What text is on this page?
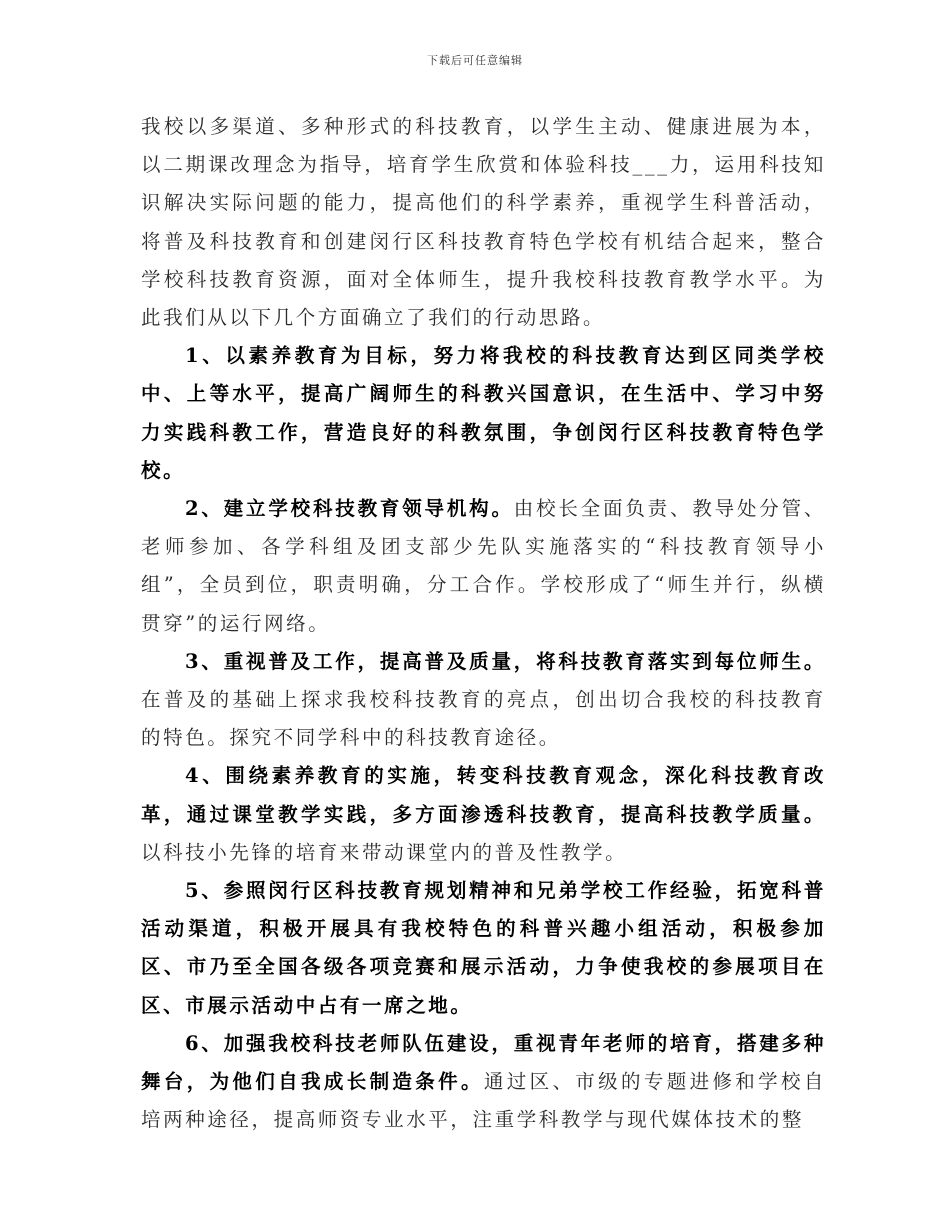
下载后可任意编辑

我校以多渠道、多种形式的科技教育，以学生主动、健康进展为本，以二期课改理念为指导，培育学生欣赏和体验科技___力，运用科技知识解决实际问题的能力，提高他们的科学素养，重视学生科普活动，将普及科技教育和创建闵行区科技教育特色学校有机结合起来，整合学校科技教育资源，面对全体师生，提升我校科技教育教学水平。为此我们从以下几个方面确立了我们的行动思路。

1、以素养教育为目标，努力将我校的科技教育达到区同类学校中、上等水平，提高广阔师生的科教兴国意识，在生活中、学习中努力实践科教工作，营造良好的科教氛围，争创闵行区科技教育特色学校。

2、建立学校科技教育领导机构。由校长全面负责、教导处分管、老师参加、各学科组及团支部少先队实施落实的“科技教育领导小组”，全员到位，职责明确，分工合作。学校形成了“师生并行，纵横贯穿”的运行网络。

3、重视普及工作，提高普及质量，将科技教育落实到每位师生。在普及的基础上探求我校科技教育的亮点，创出切合我校的科技教育的特色。探究不同学科中的科技教育途径。

4、围绕素养教育的实施，转变科技教育观念，深化科技教育改革，通过课堂教学实践，多方面渗透科技教育，提高科技教学质量。以科技小先锋的培育来带动课堂内的普及性教学。

5、参照闵行区科技教育规划精神和兄弟学校工作经验，拓宽科普活动渠道，积极开展具有我校特色的科普兴趣小组活动，积极参加区、市乃至全国各级各项竞赛和展示活动，力争使我校的参展项目在区、市展示活动中占有一席之地。

6、加强我校科技老师队伍建设，重视青年老师的培育，搭建多种舞台，为他们自我成长制造条件。通过区、市级的专题进修和学校自培两种途径，提高师资专业水平，注重学科教学与现代媒体技术的整
